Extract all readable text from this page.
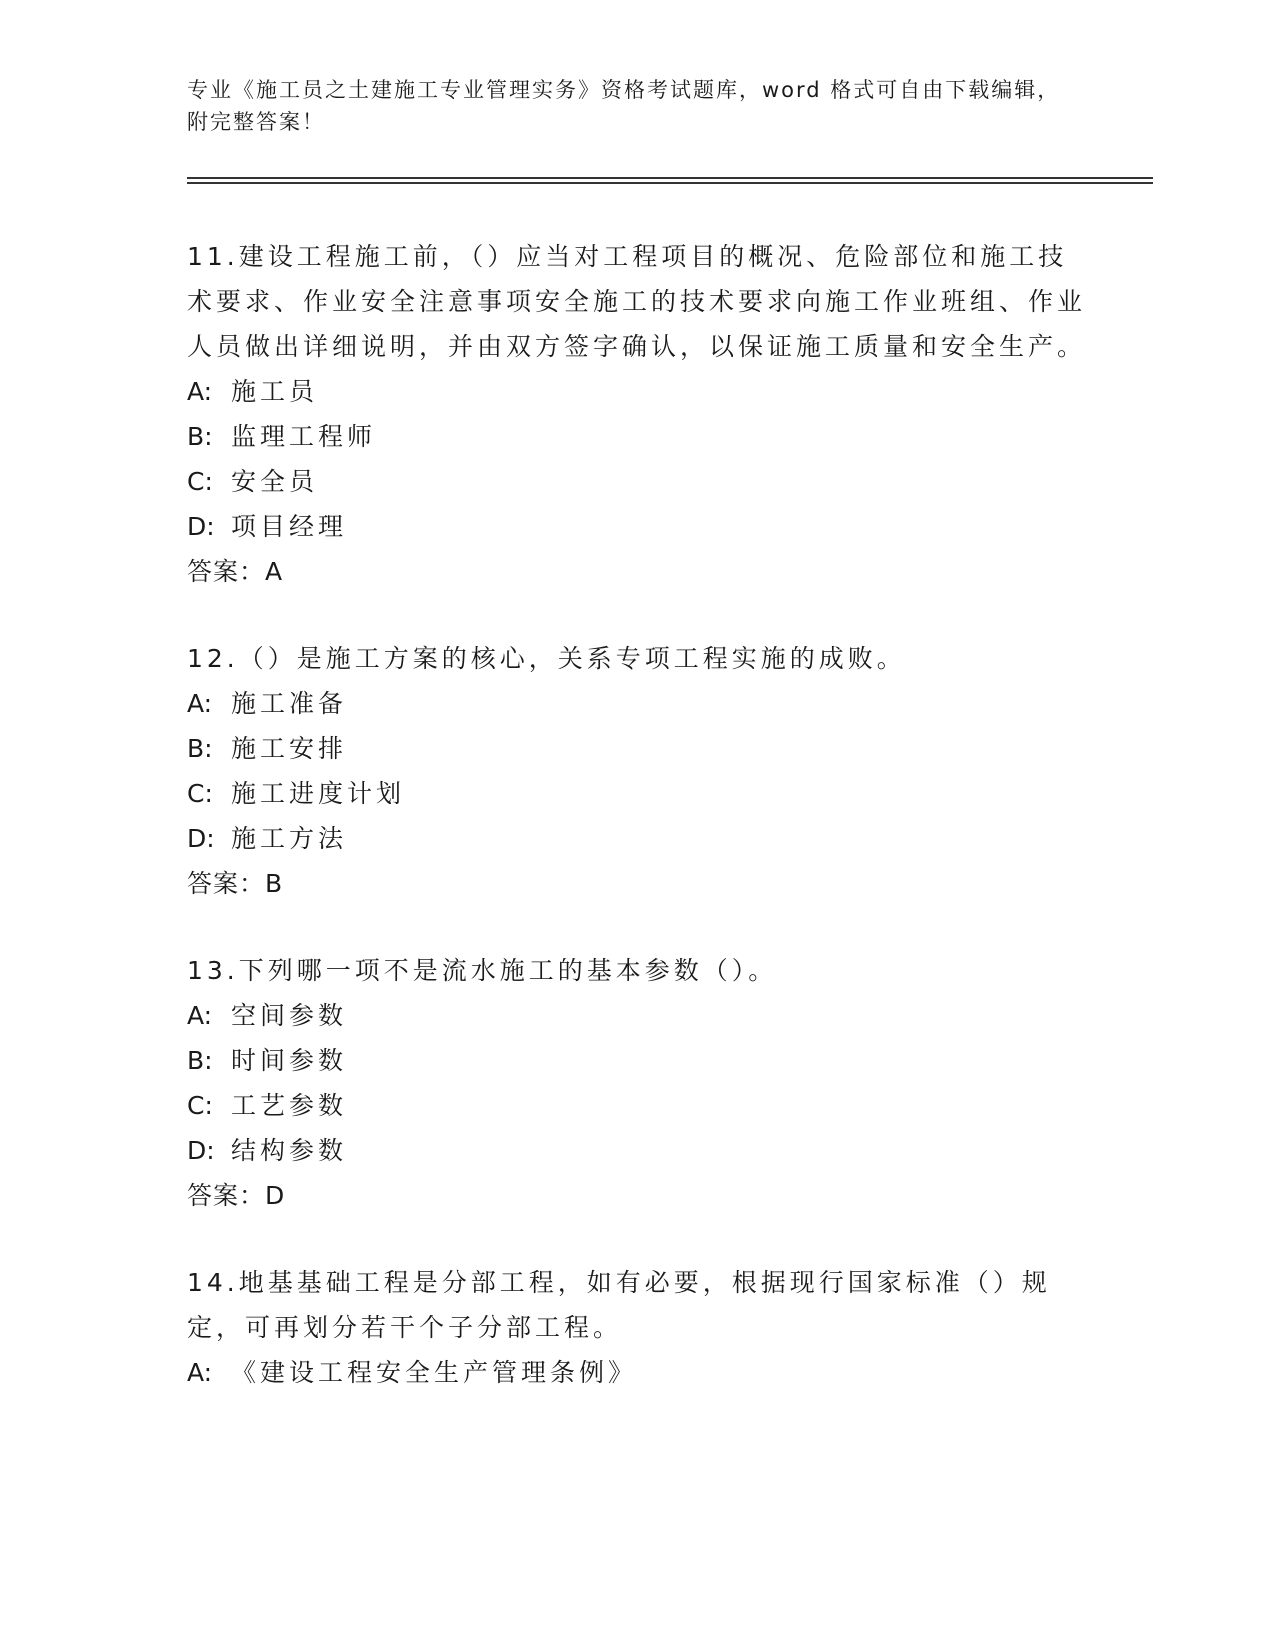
专业《施工员之土建施工专业管理实务》资格考试题库，word 格式可自由下载编辑，附完整答案！
11.建设工程施工前，（）应当对工程项目的概况、危险部位和施工技术要求、作业安全注意事项安全施工的技术要求向施工作业班组、作业人员做出详细说明，并由双方签字确认，以保证施工质量和安全生产。
A: 施工员
B: 监理工程师
C: 安全员
D: 项目经理
答案：A
12.（）是施工方案的核心，关系专项工程实施的成败。
A: 施工准备
B: 施工安排
C: 施工进度计划
D: 施工方法
答案：B
13.下列哪一项不是流水施工的基本参数（）。
A: 空间参数
B: 时间参数
C: 工艺参数
D: 结构参数
答案：D
14.地基基础工程是分部工程，如有必要，根据现行国家标准（）规定，可再划分若干个子分部工程。
A: 《建设工程安全生产管理条例》
